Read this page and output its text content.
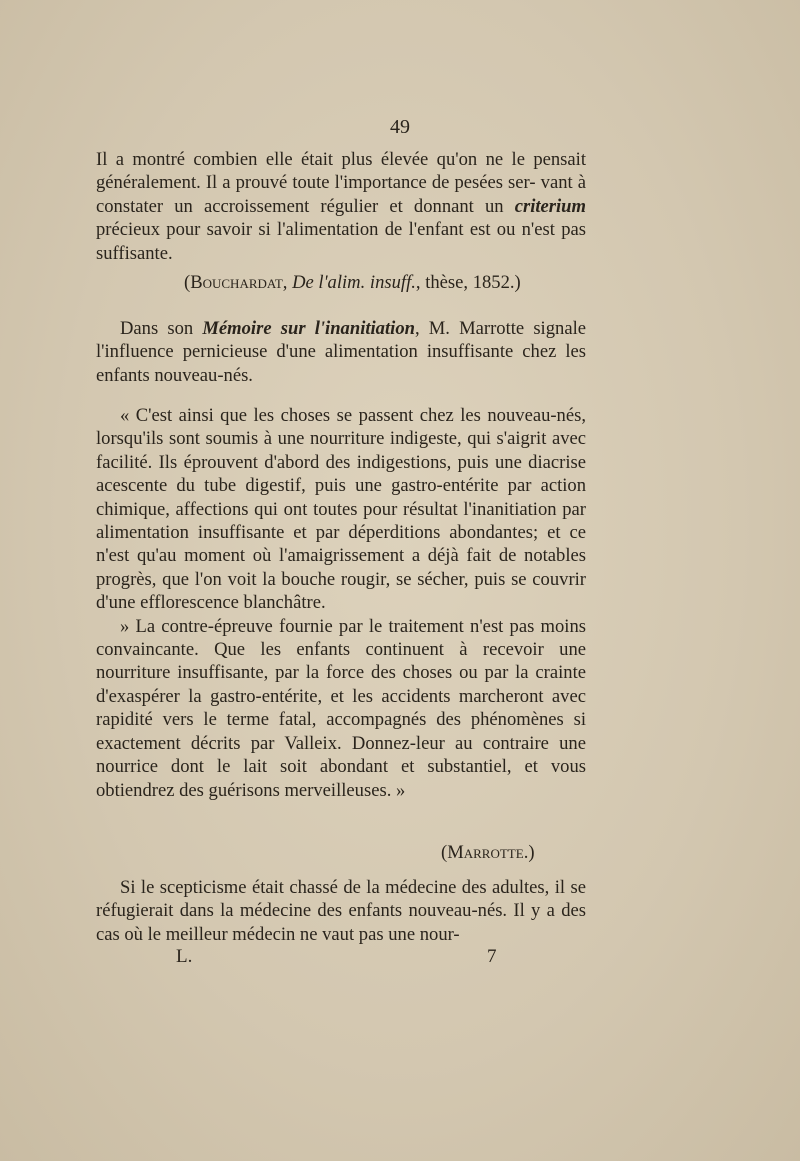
49

Il a montré combien elle était plus élevée qu'on ne le pensait généralement. Il a prouvé toute l'importance de pesées ser- vant à constater un accroissement régulier et donnant un criterium précieux pour savoir si l'alimentation de l'enfant est ou n'est pas suffisante.

(Bouchardat, De l'alim. insuff., thèse, 1852.)

Dans son Mémoire sur l'inanitiation, M. Marrotte signale l'influence pernicieuse d'une alimentation insuffisante chez les enfants nouveau-nés.

« C'est ainsi que les choses se passent chez les nouveau-nés, lorsqu'ils sont soumis à une nourriture indigeste, qui s'aigrit avec facilité. Ils éprouvent d'abord des indigestions, puis une diacrise acescente du tube digestif, puis une gastro-entérite par action chimique, affections qui ont toutes pour résultat l'inanitiation par alimentation insuffisante et par déperditions abondantes; et ce n'est qu'au moment où l'amaigrissement a déjà fait de notables progrès, que l'on voit la bouche rougir, se sécher, puis se couvrir d'une efflorescence blanchâtre.

» La contre-épreuve fournie par le traitement n'est pas moins convaincante. Que les enfants continuent à recevoir une nourriture insuffisante, par la force des choses ou par la crainte d'exaspérer la gastro-entérite, et les accidents marcheront avec rapidité vers le terme fatal, accompagnés des phénomènes si exactement décrits par Valleix. Donnez-leur au contraire une nourrice dont le lait soit abondant et substantiel, et vous obtiendrez des guérisons merveilleuses. »

(Marrotte.)

Si le scepticisme était chassé de la médecine des adultes, il se réfugierait dans la médecine des enfants nouveau-nés. Il y a des cas où le meilleur médecin ne vaut pas une nour-

L.	7
